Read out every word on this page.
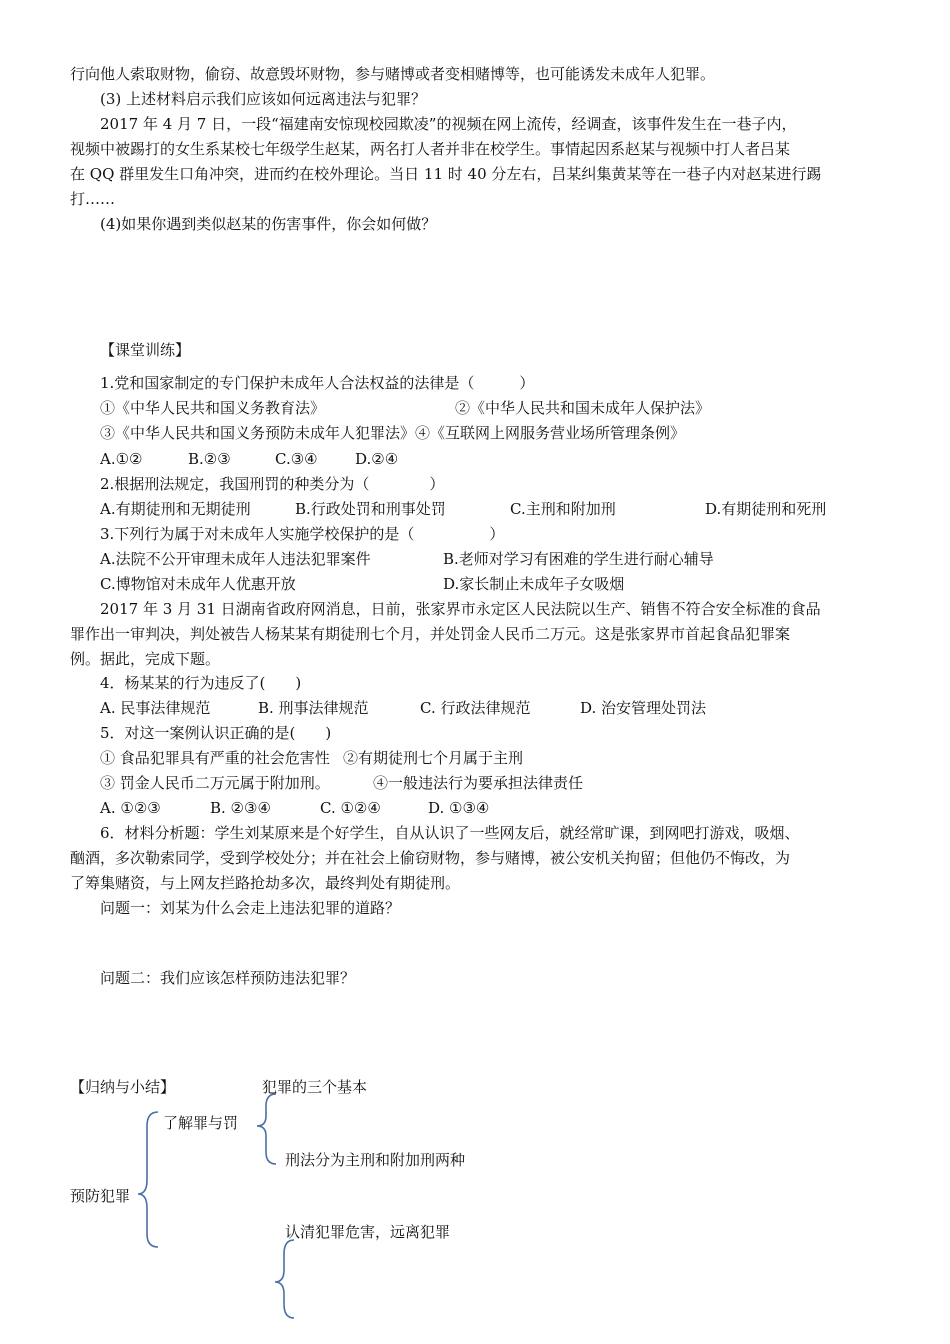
行向他人索取财物，偷窃、故意毁坏财物，参与赌博或者变相赌博等，也可能诱发未成年人犯罪。
(3) 上述材料启示我们应该如何远离违法与犯罪？
2017 年 4 月 7 日，一段“福建南安惊现校园欺凌”的视频在网上流传，经调查，该事件发生在一巷子内，
视频中被踢打的女生系某校七年级学生赵某，两名打人者并非在校学生。事情起因系赵某与视频中打人者吕某
在 QQ 群里发生口角冲突，进而约在校外理论。当日 11 时 40 分左右，吕某纠集黄某等在一巷子内对赵某进行踢
打……
(4)如果你遇到类似赵某的伤害事件，你会如何做？
【课堂训练】
1.党和国家制定的专门保护未成年人合法权益的法律是（　　　）
①《中华人民共和国义务教育法》	②《中华人民共和国未成年人保护法》
③《中华人民共和国义务预防未成年人犯罪法》④《互联网上网服务营业场所管理条例》
A.①②	B.②③	C.③④ D.②④
2.根据刑法规定，我国刑罚的种类分为（　　　　）
A.有期徒刑和无期徒刑	B.行政处罚和刑事处罚	C.主刑和附加刑	D.有期徒刑和死刑
3.下列行为属于对未成年人实施学校保护的是（　　　　　）
A.法院不公开审理未成年人违法犯罪案件	B.老师对学习有困难的学生进行耐心辅导
C.博物馆对未成年人优惠开放	D.家长制止未成年子女吸烟
2017 年 3 月 31 日湖南省政府网消息，日前，张家界市永定区人民法院以生产、销售不符合安全标准的食品
罪作出一审判决，判处被告人杨某某有期徒刑七个月，并处罚金人民币二万元。这是张家界市首起食品犯罪案
例。据此，完成下题。
4．杨某某的行为违反了(　　)
A. 民事法律规范	B. 刑事法律规范	C. 行政法律规范	D. 治安管理处罚法
5．对这一案例认识正确的是(　　)
① 食品犯罪具有严重的社会危害性 ②有期徒刑七个月属于主刑
③ 罚金人民币二万元属于附加刑。	④一般违法行为要承担法律责任
A. ①②③	B. ②③④	C. ①②④	D. ①③④
6．材料分析题：学生刘某原来是个好学生，自从认识了一些网友后，就经常旷课，到网吧打游戏，吸烟、
酗酒，多次勒索同学，受到学校处分；并在社会上偷窃财物，参与赌博，被公安机关拘留；但他仍不悔改，为
了筹集赌资，与上网友拦路抢劫多次，最终判处有期徒刑。
问题一：刘某为什么会走上违法犯罪的道路？
问题二：我们应该怎样预防违法犯罪？
【归纳与小结】	犯罪的三个基本
了解罪与罚
刑法分为主刑和附加刑两种
预防犯罪
认清犯罪危害，远离犯罪
